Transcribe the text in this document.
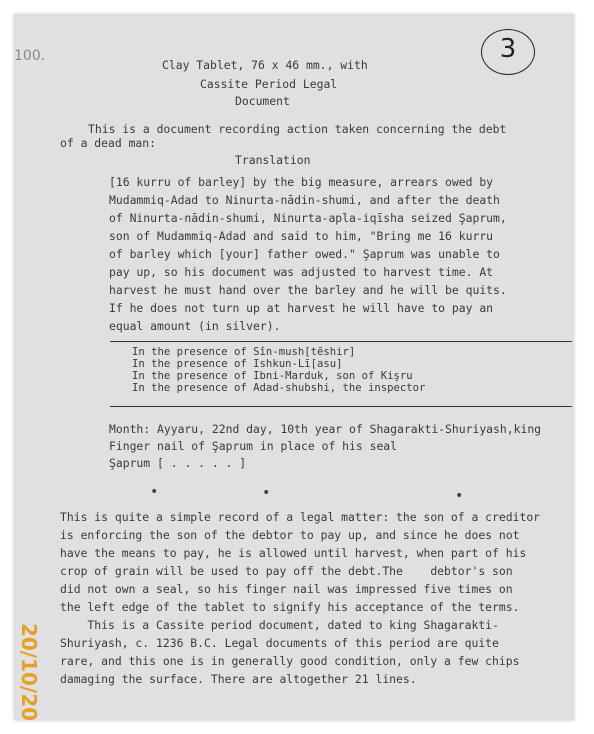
100.	3
Clay Tablet, 76 x 46 mm., with
Cassite Period Legal
Document
This is a document recording action taken concerning the debt
of a dead man:
Translation
[16 kurru of barley] by the big measure, arrears owed by
Mudammiq-Adad to Ninurta-nādin-shumi, and after the death
of Ninurta-nādin-shumi, Ninurta-apla-iqīsha seized Şaprum,
son of Mudammiq-Adad and said to him, "Bring me 16 kurru
of barley which [your] father owed." Şaprum was unable to
pay up, so his document was adjusted to harvest time. At
harvest he must hand over the barley and he will be quits.
If he does not turn up at harvest he will have to pay an
equal amount (in silver).
In the presence of Sîn-mush[tēshir]
In the presence of Ishkun-Lī[asu]
In the presence of Ibni-Marduk, son of Kişru
In the presence of Adad-shubshi, the inspector
Month: Ayyaru, 22nd day, 10th year of Shagarakti-Shuriyash,king
Finger nail of Şaprum in place of his seal
Şaprum [ . . . . . ]
•	•	•
This is quite a simple record of a legal matter: the son of a creditor
is enforcing the son of the debtor to pay up, and since he does not
have the means to pay, he is allowed until harvest, when part of his
crop of grain will be used to pay off the debt.The    debtor's son
did not own a seal, so his finger nail was impressed five times on
the left edge of the tablet to signify his acceptance of the terms.
This is a Cassite period document, dated to king Shagarakti-
Shuriyash, c. 1236 B.C. Legal documents of this period are quite
rare, and this one is in generally good condition, only a few chips
damaging the surface. There are altogether 21 lines.
20/10/20
